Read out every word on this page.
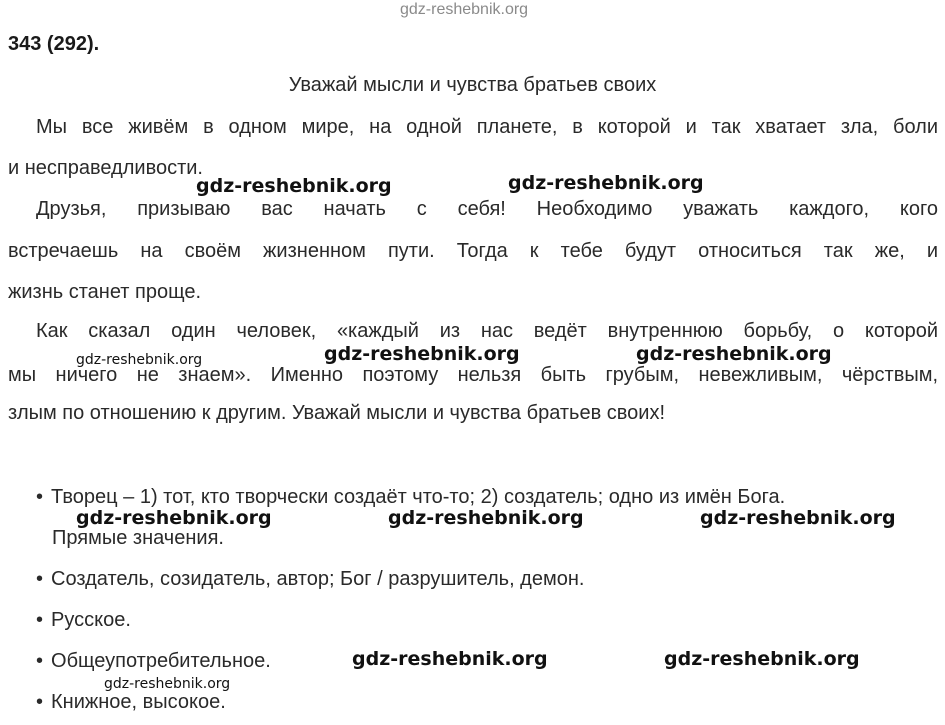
gdz-reshebnik.org
343 (292).
Уважай мысли и чувства братьев своих
Мы все живём в одном мире, на одной планете, в которой и так хватает зла, боли
и несправедливости.
Друзья, призываю вас начать с себя! Необходимо уважать каждого, кого
встречаешь на своём жизненном пути. Тогда к тебе будут относиться так же, и
жизнь станет проще.
Как сказал один человек, «каждый из нас ведёт внутреннюю борьбу, о которой
мы ничего не знаем». Именно поэтому нельзя быть грубым, невежливым, чёрствым,
злым по отношению к другим. Уважай мысли и чувства братьев своих!
• Творец – 1) тот, кто творчески создаёт что-то; 2) создатель; одно из имён Бога.
Прямые значения.
• Создатель, созидатель, автор; Бог / разрушитель, демон.
• Русское.
• Общеупотребительное.
• Книжное, высокое.
gdz-reshebnik.org	gdz-reshebnik.org
gdz-reshebnik.org	gdz-reshebnik.org	gdz-reshebnik.org
gdz-reshebnik.org	gdz-reshebnik.org	gdz-reshebnik.org
gdz-reshebnik.org	gdz-reshebnik.org
gdz-reshebnik.org
